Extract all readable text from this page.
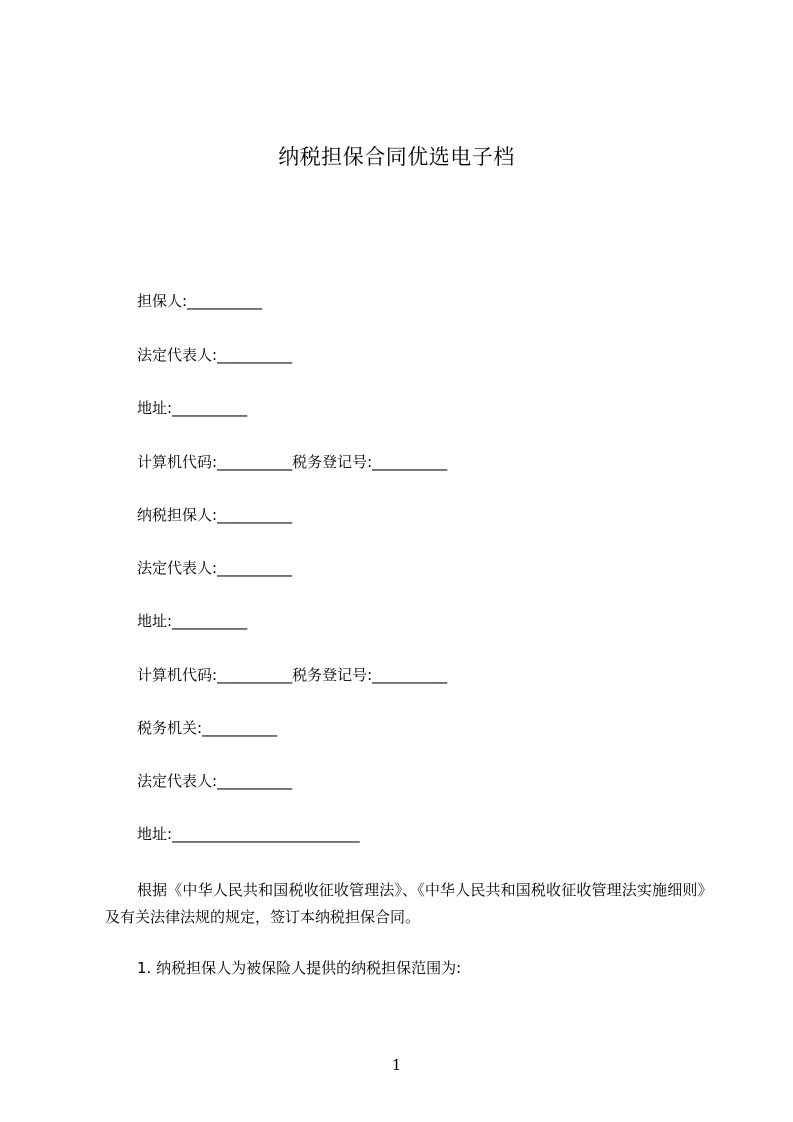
纳税担保合同优选电子档
担保人:__________
法定代表人:__________
地址:__________
计算机代码:__________税务登记号:__________
纳税担保人:__________
法定代表人:__________
地址:__________
计算机代码:__________税务登记号:__________
税务机关:__________
法定代表人:__________
地址:_________________________
根据《中华人民共和国税收征收管理法》、《中华人民共和国税收征收管理法实施细则》及有关法律法规的规定，签订本纳税担保合同。
1. 纳税担保人为被保险人提供的纳税担保范围为:
1
